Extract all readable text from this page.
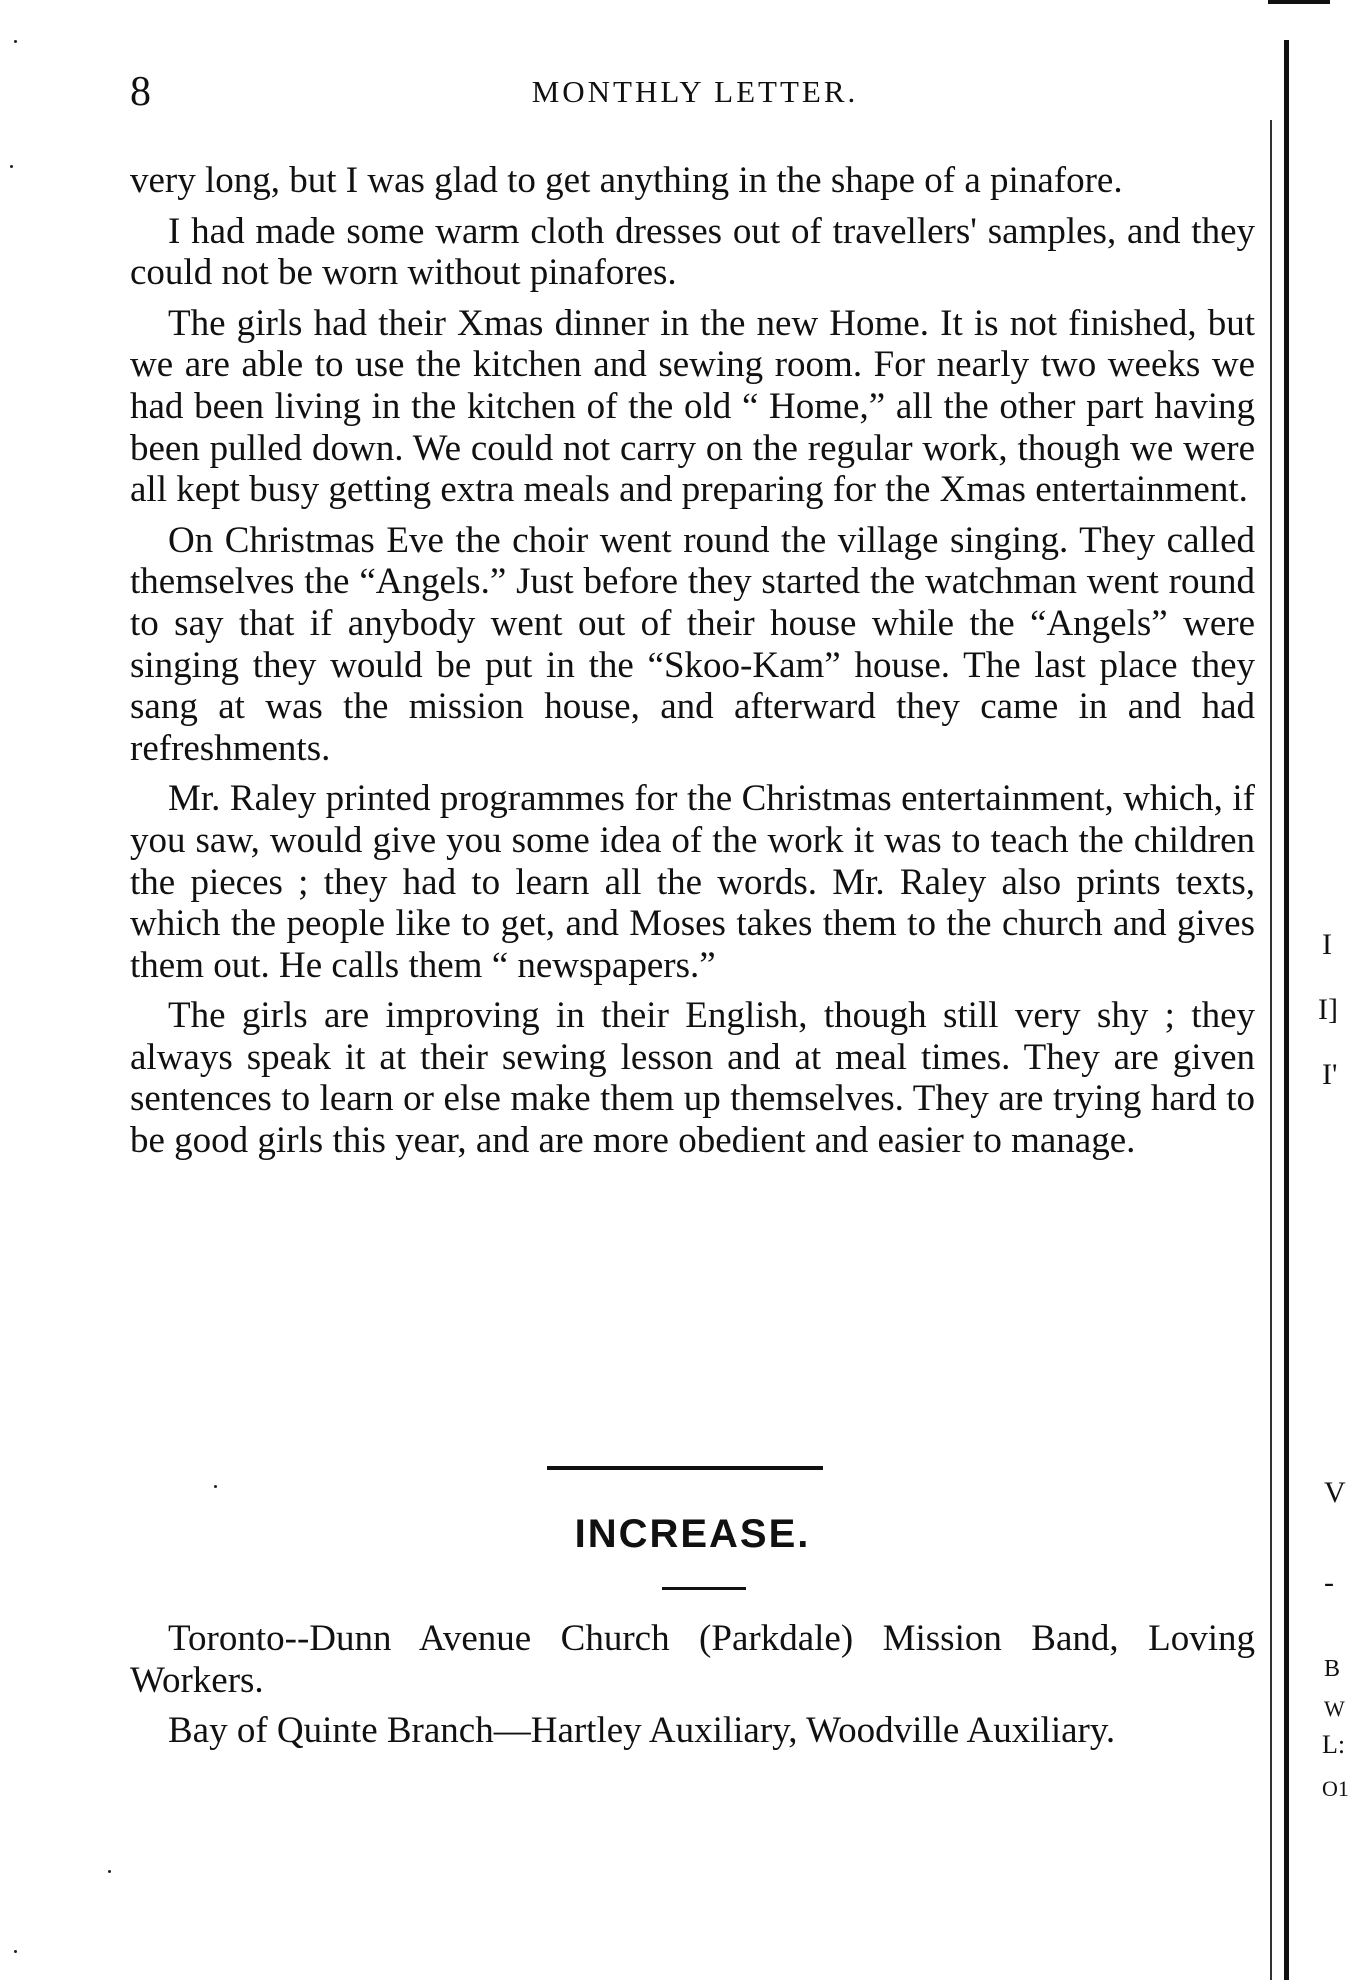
8	MONTHLY LETTER.

very long, but I was glad to get anything in the shape of a pinafore.

I had made some warm cloth dresses out of travellers' samples, and they could not be worn without pinafores.

The girls had their Xmas dinner in the new Home. It is not finished, but we are able to use the kitchen and sewing room. For nearly two weeks we had been living in the kitchen of the old “ Home,” all the other part having been pulled down. We could not carry on the regular work, though we were all kept busy getting extra meals and preparing for the Xmas entertainment.

On Christmas Eve the choir went round the village singing. They called themselves the “Angels.” Just before they started the watchman went round to say that if anybody went out of their house while the “Angels” were singing they would be put in the “Skoo-Kam” house. The last place they sang at was the mission house, and afterward they came in and had refreshments.

Mr. Raley printed programmes for the Christmas entertainment, which, if you saw, would give you some idea of the work it was to teach the children the pieces ; they had to learn all the words. Mr. Raley also prints texts, which the people like to get, and Moses takes them to the church and gives them out. He calls them “ newspapers.”

The girls are improving in their English, though still very shy ; they always speak it at their sewing lesson and at meal times. They are given sentences to learn or else make them up themselves. They are trying hard to be good girls this year, and are more obedient and easier to manage.

INCREASE.

Toronto--Dunn Avenue Church (Parkdale) Mission Band, Loving Workers.

Bay of Quinte Branch—Hartley Auxiliary, Woodville Auxiliary.

I
I]
I'
V
-
B
W
L:
O1
